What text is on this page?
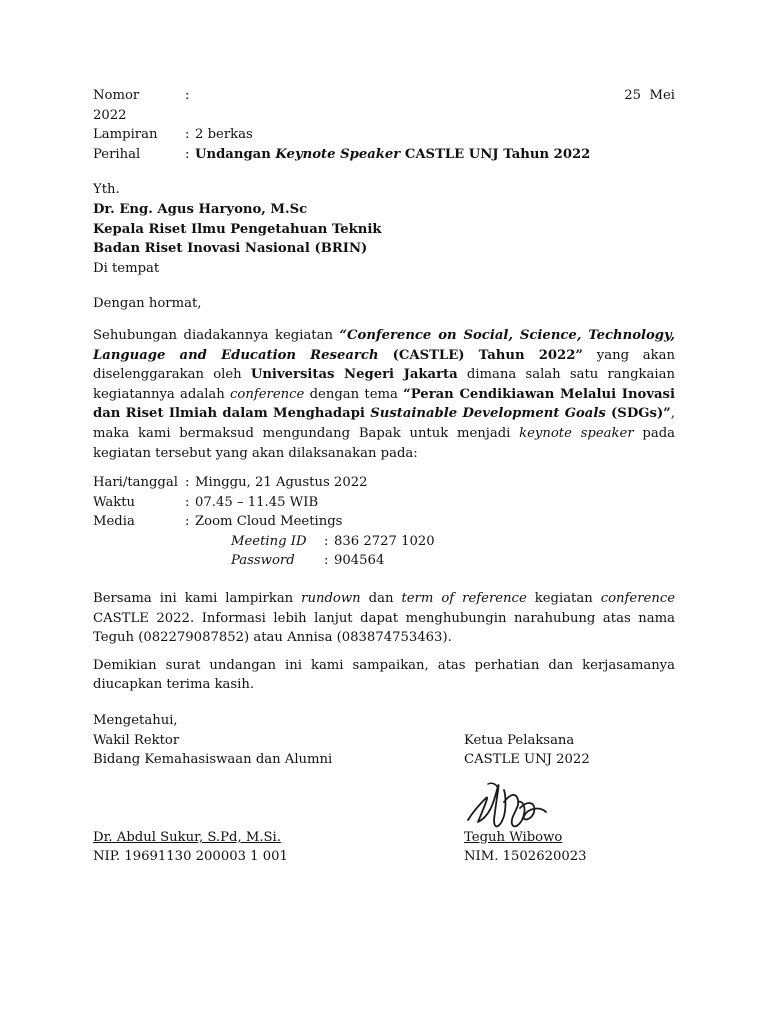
Nomor	:	25  Mei
2022
Lampiran	: 2 berkas
Perihal	: Undangan Keynote Speaker CASTLE UNJ Tahun 2022
Yth.
Dr. Eng. Agus Haryono, M.Sc
Kepala Riset Ilmu Pengetahuan Teknik
Badan Riset Inovasi Nasional (BRIN)
Di tempat
Dengan hormat,
Sehubungan diadakannya kegiatan “Conference on Social, Science, Technology, Language and Education Research (CASTLE) Tahun 2022” yang akan diselenggarakan oleh Universitas Negeri Jakarta dimana salah satu rangkaian kegiatannya adalah conference dengan tema “Peran Cendikiawan Melalui Inovasi dan Riset Ilmiah dalam Menghadapi Sustainable Development Goals (SDGs)”, maka kami bermaksud mengundang Bapak untuk menjadi keynote speaker pada kegiatan tersebut yang akan dilaksanakan pada:
Hari/tanggal : Minggu, 21 Agustus 2022
Waktu	: 07.45 – 11.45 WIB
Media	: Zoom Cloud Meetings
Meeting ID	: 836 2727 1020
Password	: 904564
Bersama ini kami lampirkan rundown dan term of reference kegiatan conference CASTLE 2022. Informasi lebih lanjut dapat menghubungin narahubung atas nama Teguh (082279087852) atau Annisa (083874753463).
Demikian surat undangan ini kami sampaikan, atas perhatian dan kerjasamanya diucapkan terima kasih.
Mengetahui,
Wakil Rektor
Bidang Kemahasiswaan dan Alumni
Dr. Abdul Sukur, S.Pd, M.Si.
NIP. 19691130 200003 1 001
Ketua Pelaksana
CASTLE UNJ 2022
Teguh Wibowo
NIM. 1502620023
